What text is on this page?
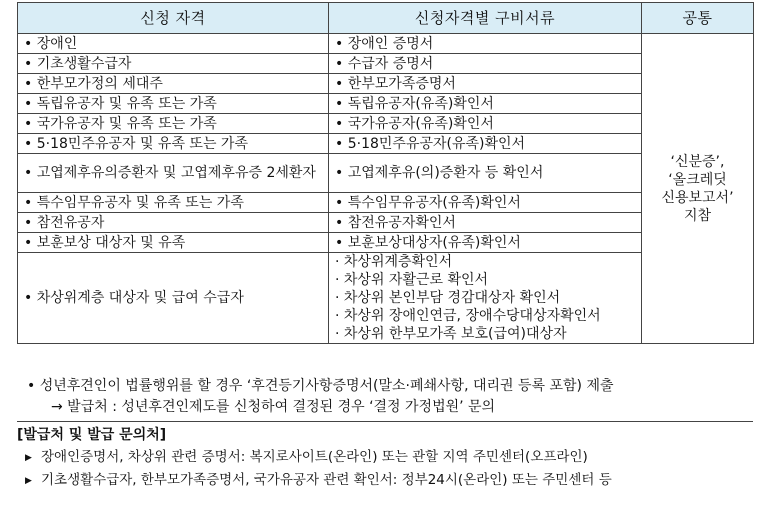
신청 자격	신청자격별 구비서류	공통
• 장애인	• 장애인 증명서	‘신분증’,
‘올크레딧
신용보고서’
지참

• 기초생활수급자	• 수급자 증명서
• 한부모가정의 세대주	• 한부모가족증명서
• 독립유공자 및 유족 또는 가족	• 독립유공자(유족)확인서
• 국가유공자 및 유족 또는 가족	• 국가유공자(유족)확인서
• 5·18민주유공자 및 유족 또는 가족	• 5·18민주유공자(유족)확인서
• 고엽제후유의증환자 및 고엽제후유증 2세환자	• 고엽제후유(의)증환자 등 확인서
• 특수임무유공자 및 유족 또는 가족	• 특수임무유공자(유족)확인서
• 참전유공자	• 참전유공자확인서
• 보훈보상 대상자 및 유족	• 보훈보상대상자(유족)확인서
• 차상위계층 대상자 및 급여 수급자	· 차상위계층확인서
· 차상위 자활근로 확인서
· 차상위 본인부담 경감대상자 확인서
· 차상위 장애인연금, 장애수당대상자확인서
· 차상위 한부모가족 보호(급여)대상자
• 성년후견인이 법률행위를 할 경우 ‘후견등기사항증명서(말소·폐쇄사항, 대리권 등록 포함) 제출
→ 발급처 : 성년후견인제도를 신청하여 결정된 경우 ‘결정 가정법원’ 문의
[발급처 및 발급 문의처]
▶ 장애인증명서, 차상위 관련 증명서: 복지로사이트(온라인) 또는 관할 지역 주민센터(오프라인)
▶ 기초생활수급자, 한부모가족증명서, 국가유공자 관련 확인서: 정부24시(온라인) 또는 주민센터 등
